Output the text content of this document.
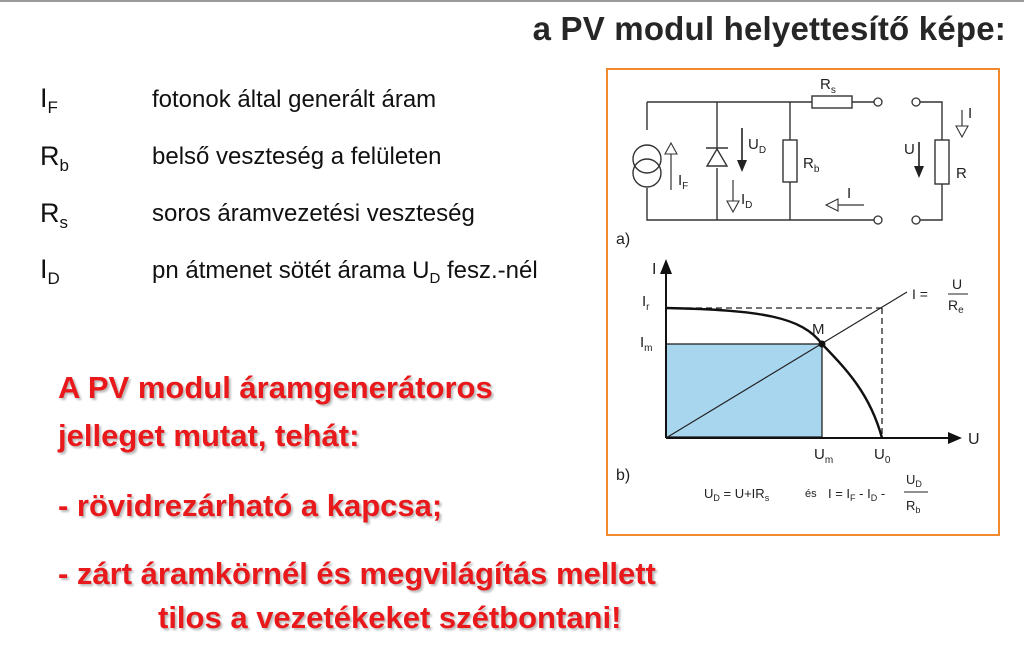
a PV modul helyettesítő képe:
$I_F$	fotonok által generált áram
$R_b$	belső veszteség a felületen
$R_s$	soros áramvezetési veszteség
$I_D$	pn átmenet sötét árama $U_D$ fesz.-nél
A PV modul áramgenerátoros
jelleget mutat, tehát:
- rövidrezárható a kapcsa;
- zárt áramkörnél és megvilágítás mellett
tilos a vezetékeket szétbontani!
$I_F$
$U_D$
$I_D$
$R_b$
$R_s$
I
I
U
R
a)
I
U
$I_r$
$I_m$
$U_m$	$U_0$
M
I =
U
$R_e$
b)
$U_D = U+IR_s$	és $I = I_F - I_D$ -
$U_D$
$R_b$
